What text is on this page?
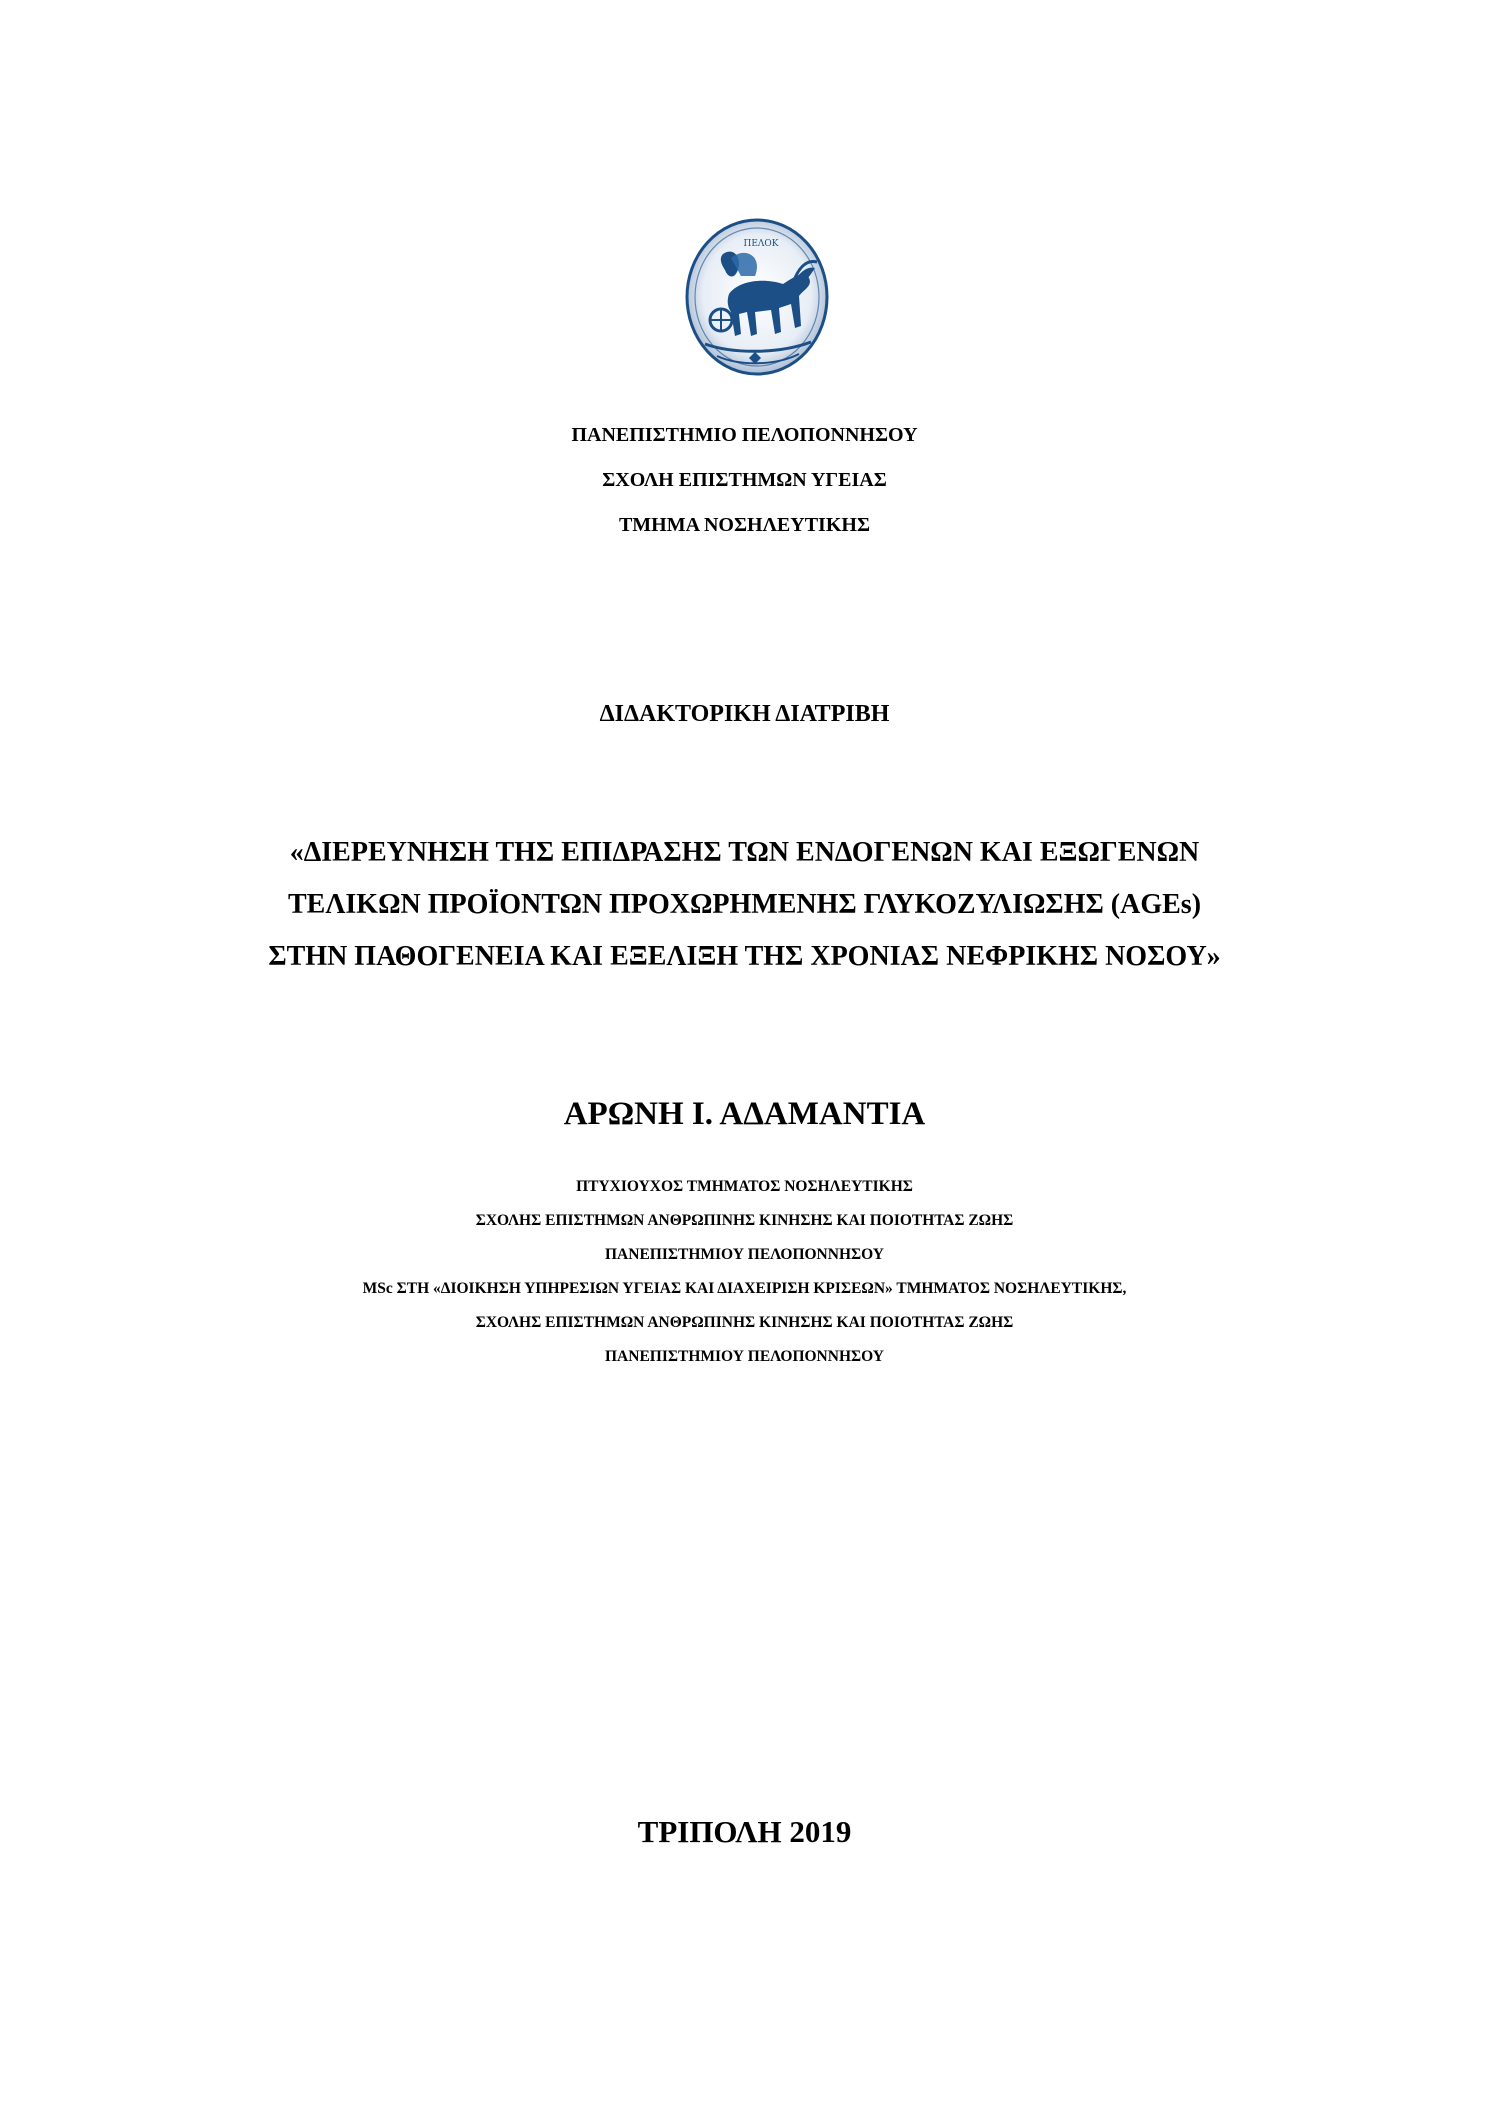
ΠΕΛΟΚ
ΠΑΝΕΠΙΣΤΗΜΙΟ ΠΕΛΟΠΟΝΝΗΣΟΥ
ΣΧΟΛΗ ΕΠΙΣΤΗΜΩΝ ΥΓΕΙΑΣ
ΤΜΗΜΑ ΝΟΣΗΛΕΥΤΙΚΗΣ
ΔΙΔΑΚΤΟΡΙΚΗ ΔΙΑΤΡΙΒΗ
«ΔΙΕΡΕΥΝΗΣΗ ΤΗΣ ΕΠΙΔΡΑΣΗΣ ΤΩΝ ΕΝΔΟΓΕΝΩΝ ΚΑΙ ΕΞΩΓΕΝΩΝ
ΤΕΛΙΚΩΝ ΠΡΟΪΟΝΤΩΝ ΠΡΟΧΩΡΗΜΕΝΗΣ ΓΛΥΚΟΖΥΛΙΩΣΗΣ (AGEs)
ΣΤΗΝ ΠΑΘΟΓΕΝΕΙΑ ΚΑΙ ΕΞΕΛΙΞΗ ΤΗΣ ΧΡΟΝΙΑΣ ΝΕΦΡΙΚΗΣ ΝΟΣΟΥ»
ΑΡΩΝΗ Ι. ΑΔΑΜΑΝΤΙΑ
ΠΤΥΧΙΟΥΧΟΣ ΤΜΗΜΑΤΟΣ ΝΟΣΗΛΕΥΤΙΚΗΣ
ΣΧΟΛΗΣ ΕΠΙΣΤΗΜΩΝ ΑΝΘΡΩΠΙΝΗΣ ΚΙΝΗΣΗΣ ΚΑΙ ΠΟΙΟΤΗΤΑΣ ΖΩΗΣ
ΠΑΝΕΠΙΣΤΗΜΙΟΥ ΠΕΛΟΠΟΝΝΗΣΟΥ
MSc ΣΤΗ «ΔΙΟΙΚΗΣΗ ΥΠΗΡΕΣΙΩΝ ΥΓΕΙΑΣ ΚΑΙ ΔΙΑΧΕΙΡΙΣΗ ΚΡΙΣΕΩΝ» ΤΜΗΜΑΤΟΣ ΝΟΣΗΛΕΥΤΙΚΗΣ,
ΣΧΟΛΗΣ ΕΠΙΣΤΗΜΩΝ ΑΝΘΡΩΠΙΝΗΣ ΚΙΝΗΣΗΣ ΚΑΙ ΠΟΙΟΤΗΤΑΣ ΖΩΗΣ
ΠΑΝΕΠΙΣΤΗΜΙΟΥ ΠΕΛΟΠΟΝΝΗΣΟΥ
ΤΡΙΠΟΛΗ 2019
